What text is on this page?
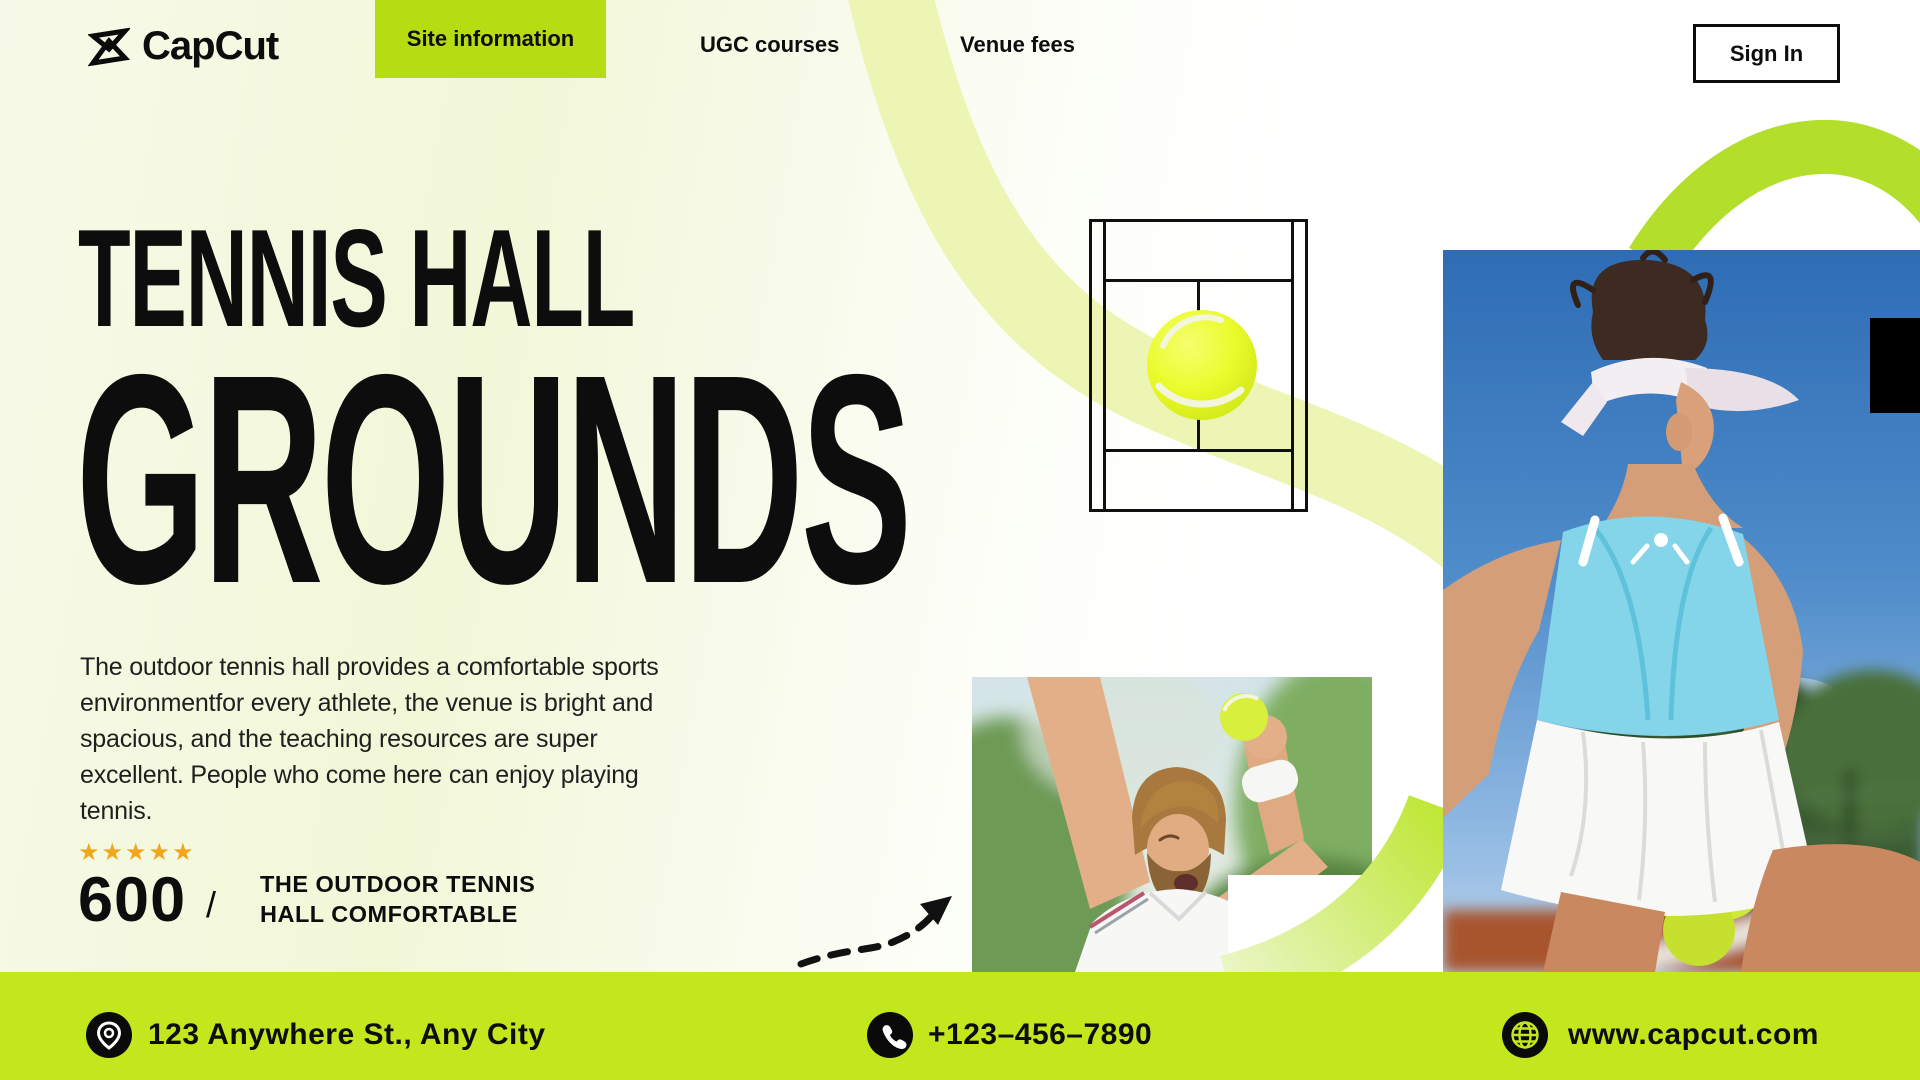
CapCut	Site information	UGC courses	Venue fees	Sign In
TENNIS HALL
GROUNDS

The outdoor tennis hall provides a comfortable sports environmentfor every athlete, the venue is bright and spacious, and the teaching resources are super excellent. People who come here can enjoy playing tennis.

★★★★★
600 / THE OUTDOOR TENNIS
HALL COMFORTABLE
123 Anywhere St., Any City	+123–456–7890	www.capcut.com
